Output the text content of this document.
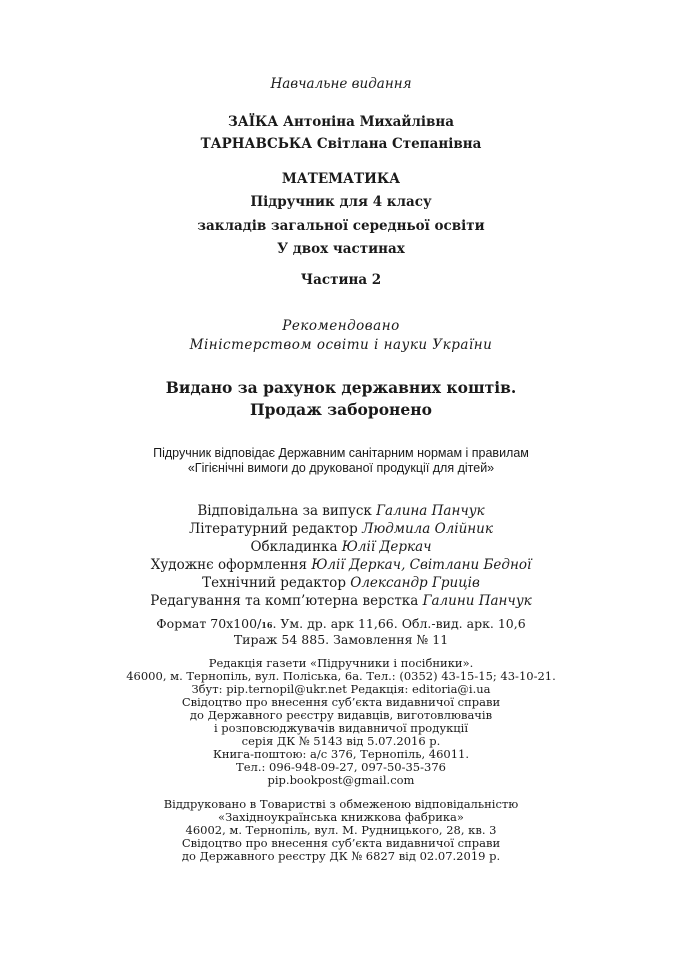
Навчальне видання
ЗАЇКА Антоніна Михайлівна
ТАРНАВСЬКА Світлана Степанівна
МАТЕМАТИКА
Підручник для 4 класу
закладів загальної середньої освіти
У двох частинах
Частина 2
Рекомендовано
Міністерством освіти і науки України
Видано за рахунок державних коштів.
Продаж заборонено
Підручник відповідає Державним санітарним нормам і правилам
«Гігієнічні вимоги до друкованої продукції для дітей»
Відповідальна за випуск Галина Панчук
Літературний редактор Людмила Олійник
Обкладинка Юлії Деркач
Художнє оформлення Юлії Деркач, Світлани Бедної
Технічний редактор Олександр Гриців
Редагування та комп’ютерна верстка Галини Панчук
Формат 70x100/16. Ум. др. арк 11,66. Обл.-вид. арк. 10,6
Тираж 54 885. Замовлення № 11
Редакція газети «Підручники і посібники».
46000, м. Тернопіль, вул. Поліська, 6а. Тел.: (0352) 43-15-15; 43-10-21.
Збут: pip.ternopil@ukr.net Редакція: editoria@i.ua
Свідоцтво про внесення суб’єкта видавничої справи
до Державного реєстру видавців, виготовлювачів
і розповсюджувачів видавничої продукції
серія ДК № 5143 від 5.07.2016 р.
Книга-поштою: а/с 376, Тернопіль, 46011.
Тел.: 096-948-09-27, 097-50-35-376
pip.bookpost@gmail.com
Віддруковано в Товаристві з обмеженою відповідальністю
«Західноукраїнська книжкова фабрика»
46002, м. Тернопіль, вул. М. Рудницького, 28, кв. 3
Свідоцтво про внесення суб’єкта видавничої справи
до Державного реєстру ДК № 6827 від 02.07.2019 р.
